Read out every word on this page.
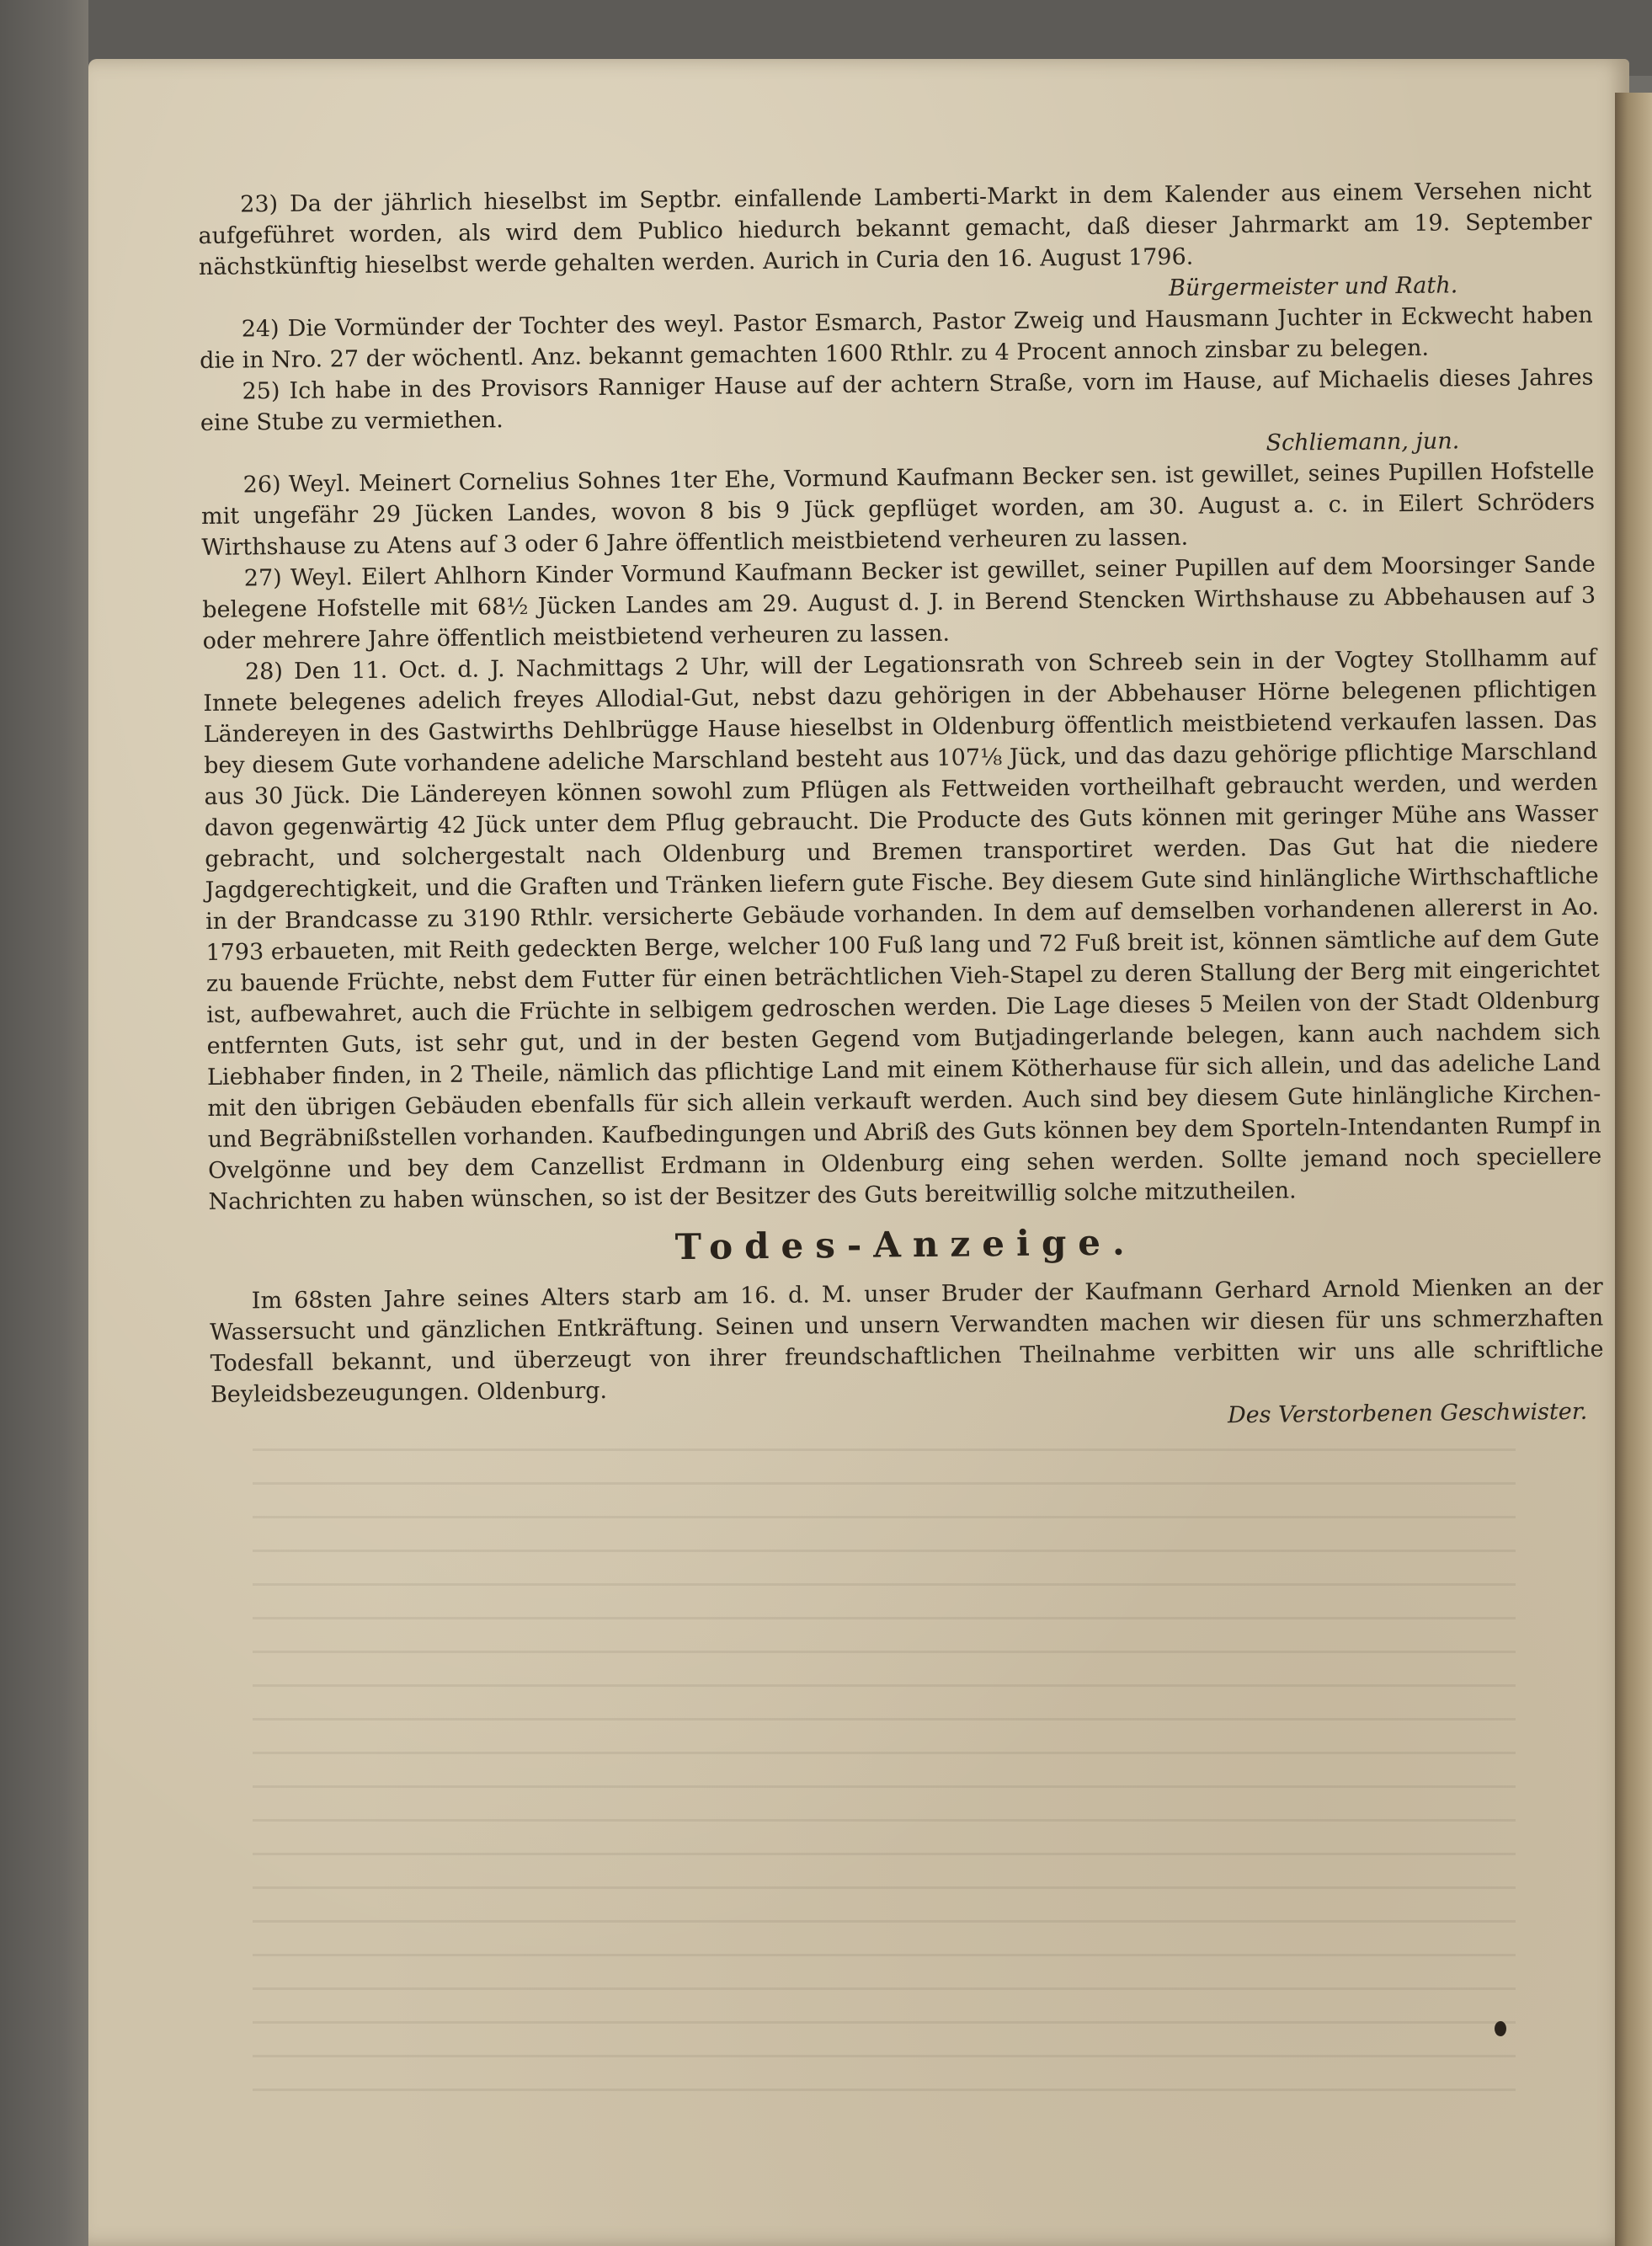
23) Da der jährlich hieselbst im Septbr. einfallende Lamberti-Markt in dem Kalender aus einem Versehen nicht aufgeführet worden, als wird dem Publico hiedurch bekannt gemacht, daß dieser Jahrmarkt am 19. September nächstkünftig hieselbst werde gehalten werden. Aurich in Curia den 16. August 1796.

Bürgermeister und Rath.

24) Die Vormünder der Tochter des weyl. Pastor Esmarch, Pastor Zweig und Hausmann Juchter in Eckwecht haben die in Nro. 27 der wöchentl. Anz. bekannt gemachten 1600 Rthlr. zu 4 Procent annoch zinsbar zu belegen.

25) Ich habe in des Provisors Ranniger Hause auf der achtern Straße, vorn im Hause, auf Michaelis dieses Jahres eine Stube zu vermiethen.

Schliemann, jun.

26) Weyl. Meinert Cornelius Sohnes 1ter Ehe, Vormund Kaufmann Becker sen. ist gewillet, seines Pupillen Hofstelle mit ungefähr 29 Jücken Landes, wovon 8 bis 9 Jück gepflüget worden, am 30. August a. c. in Eilert Schröders Wirthshause zu Atens auf 3 oder 6 Jahre öffentlich meistbietend verheuren zu lassen.

27) Weyl. Eilert Ahlhorn Kinder Vormund Kaufmann Becker ist gewillet, seiner Pupillen auf dem Moorsinger Sande belegene Hofstelle mit 68½ Jücken Landes am 29. August d. J. in Berend Stencken Wirthshause zu Abbehausen auf 3 oder mehrere Jahre öffentlich meistbietend verheuren zu lassen.

28) Den 11. Oct. d. J. Nachmittags 2 Uhr, will der Legationsrath von Schreeb sein in der Vogtey Stollhamm auf Innete belegenes adelich freyes Allodial-Gut, nebst dazu gehörigen in der Abbehauser Hörne belegenen pflichtigen Ländereyen in des Gastwirths Dehlbrügge Hause hieselbst in Oldenburg öffentlich meistbietend verkaufen lassen. Das bey diesem Gute vorhandene adeliche Marschland besteht aus 107⅛ Jück, und das dazu gehörige pflichtige Marschland aus 30 Jück. Die Ländereyen können sowohl zum Pflügen als Fettweiden vortheilhaft gebraucht werden, und werden davon gegenwärtig 42 Jück unter dem Pflug gebraucht. Die Producte des Guts können mit geringer Mühe ans Wasser gebracht, und solchergestalt nach Oldenburg und Bremen transportiret werden. Das Gut hat die niedere Jagdgerechtigkeit, und die Graften und Tränken liefern gute Fische. Bey diesem Gute sind hinlängliche Wirthschaftliche in der Brandcasse zu 3190 Rthlr. versicherte Gebäude vorhanden. In dem auf demselben vorhandenen allererst in Ao. 1793 erbaueten, mit Reith gedeckten Berge, welcher 100 Fuß lang und 72 Fuß breit ist, können sämtliche auf dem Gute zu bauende Früchte, nebst dem Futter für einen beträchtlichen Vieh-Stapel zu deren Stallung der Berg mit eingerichtet ist, aufbewahret, auch die Früchte in selbigem gedroschen werden. Die Lage dieses 5 Meilen von der Stadt Oldenburg entfernten Guts, ist sehr gut, und in der besten Gegend vom Butjadingerlande belegen, kann auch nachdem sich Liebhaber finden, in 2 Theile, nämlich das pflichtige Land mit einem Kötherhause für sich allein, und das adeliche Land mit den übrigen Gebäuden ebenfalls für sich allein verkauft werden. Auch sind bey diesem Gute hinlängliche Kirchen- und Begräbnißstellen vorhanden. Kaufbedingungen und Abriß des Guts können bey dem Sporteln-Intendanten Rumpf in Ovelgönne und bey dem Canzellist Erdmann in Oldenburg eing sehen werden. Sollte jemand noch speciellere Nachrichten zu haben wünschen, so ist der Besitzer des Guts bereitwillig solche mitzutheilen.

Todes-Anzeige.

Im 68sten Jahre seines Alters starb am 16. d. M. unser Bruder der Kaufmann Gerhard Arnold Mienken an der Wassersucht und gänzlichen Entkräftung. Seinen und unsern Verwandten machen wir diesen für uns schmerzhaften Todesfall bekannt, und überzeugt von ihrer freundschaftlichen Theilnahme verbitten wir uns alle schriftliche Beyleidsbezeugungen. Oldenburg.

Des Verstorbenen Geschwister.
